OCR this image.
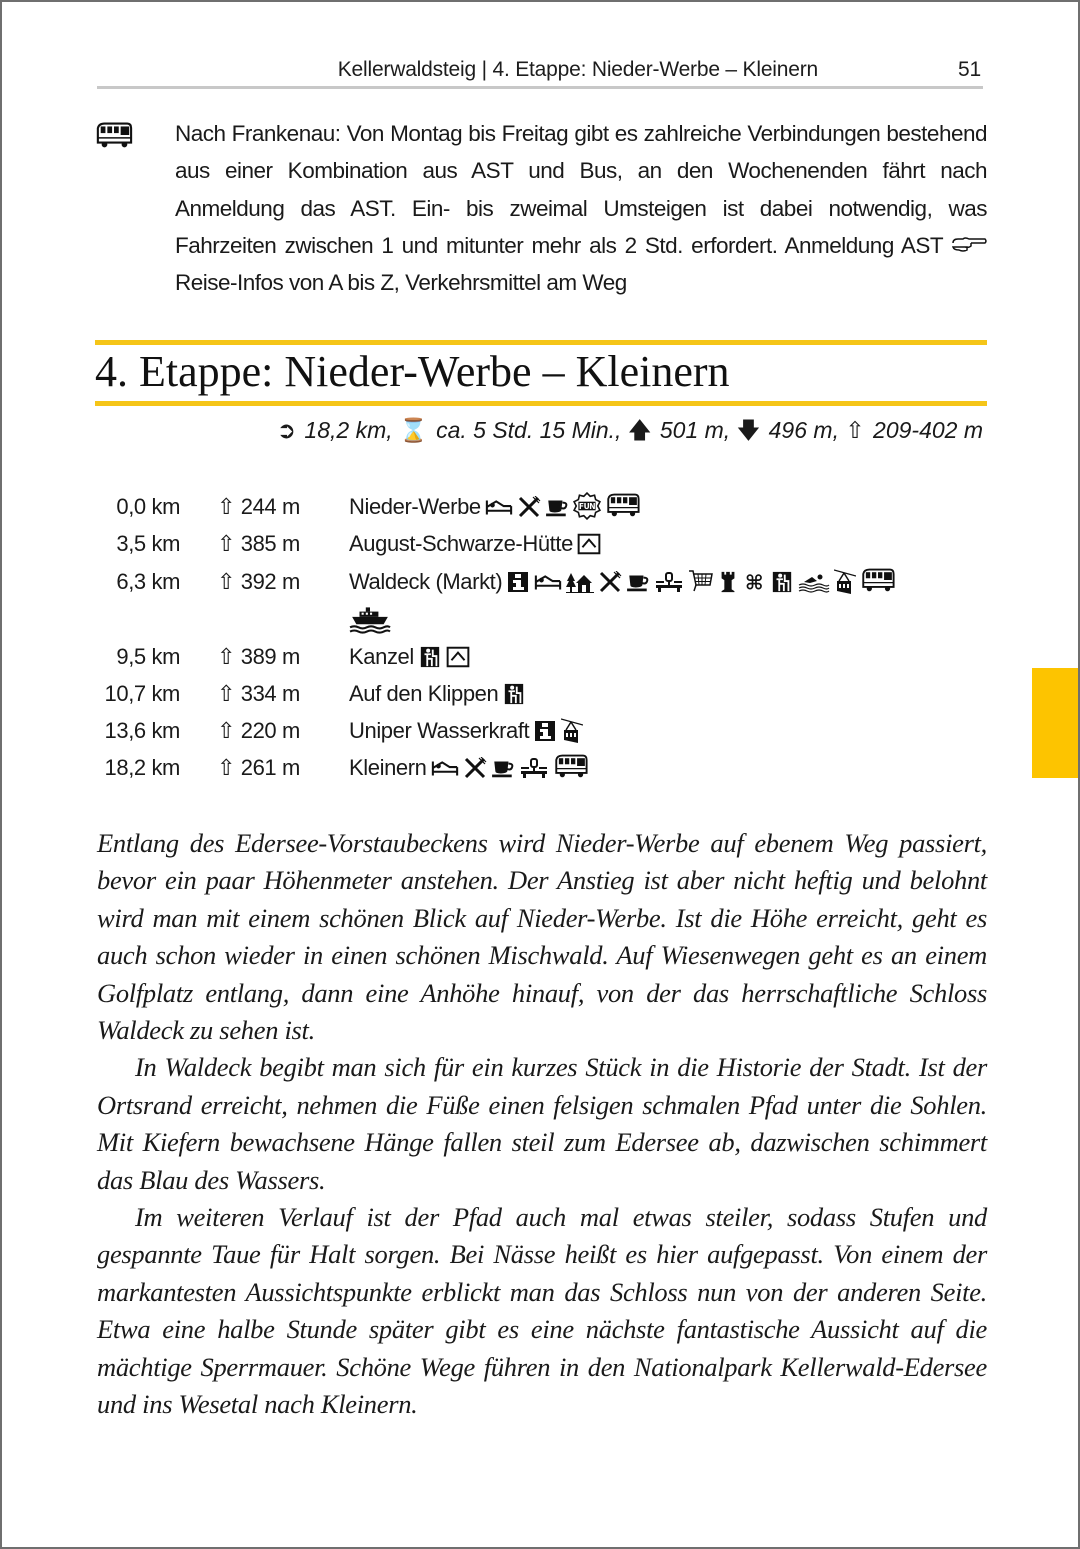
Kellerwaldsteig | 4. Etappe: Nieder-Werbe – Kleinern	51
Nach Frankenau: Von Montag bis Freitag gibt es zahlreiche Verbindungen bestehend aus einer Kombination aus AST und Bus, an den Wochenenden fährt nach Anmeldung das AST. Ein- bis zweimal Umsteigen ist dabei notwendig, was Fahrzeiten zwischen 1 und mitunter mehr als 2 Std. erfordert. Anmeldung AST  Reise-Infos von A bis Z, Verkehrsmittel am Weg
4. Etappe: Nieder-Werbe – Kleinern
➲ 18,2 km, ⌛ ca. 5 Std. 15 Min., 🡅 501 m, 🡇 496 m, ⇧ 209-402 m
0,0 km ⇧ 244 m Nieder-Werbe
3,5 km ⇧ 385 m August-Schwarze-Hütte
6,3 km ⇧ 392 m Waldeck (Markt)

9,5 km ⇧ 389 m Kanzel
10,7 km ⇧ 334 m Auf den Klippen
13,6 km ⇧ 220 m Uniper Wasserkraft
18,2 km ⇧ 261 m Kleinern

Entlang des Edersee-Vorstaubeckens wird Nieder-Werbe auf ebenem Weg passiert, bevor ein paar Höhenmeter anstehen. Der Anstieg ist aber nicht heftig und belohnt wird man mit einem schönen Blick auf Nieder-Werbe. Ist die Höhe erreicht, geht es auch schon wieder in einen schönen Mischwald. Auf Wiesenwegen geht es an einem Golfplatz entlang, dann eine Anhöhe hinauf, von der das herrschaftliche Schloss Waldeck zu sehen ist.

In Waldeck begibt man sich für ein kurzes Stück in die Historie der Stadt. Ist der Ortsrand erreicht, nehmen die Füße einen felsigen schmalen Pfad unter die Sohlen. Mit Kiefern bewachsene Hänge fallen steil zum Edersee ab, dazwischen schimmert das Blau des Wassers.

Im weiteren Verlauf ist der Pfad auch mal etwas steiler, sodass Stufen und gespannte Taue für Halt sorgen. Bei Nässe heißt es hier aufgepasst. Von einem der markantesten Aussichtspunkte erblickt man das Schloss nun von der anderen Seite. Etwa eine halbe Stunde später gibt es eine nächste fantastische Aussicht auf die mächtige Sperrmauer. Schöne Wege führen in den Nationalpark Kellerwald-Edersee und ins Wesetal nach Kleinern.
